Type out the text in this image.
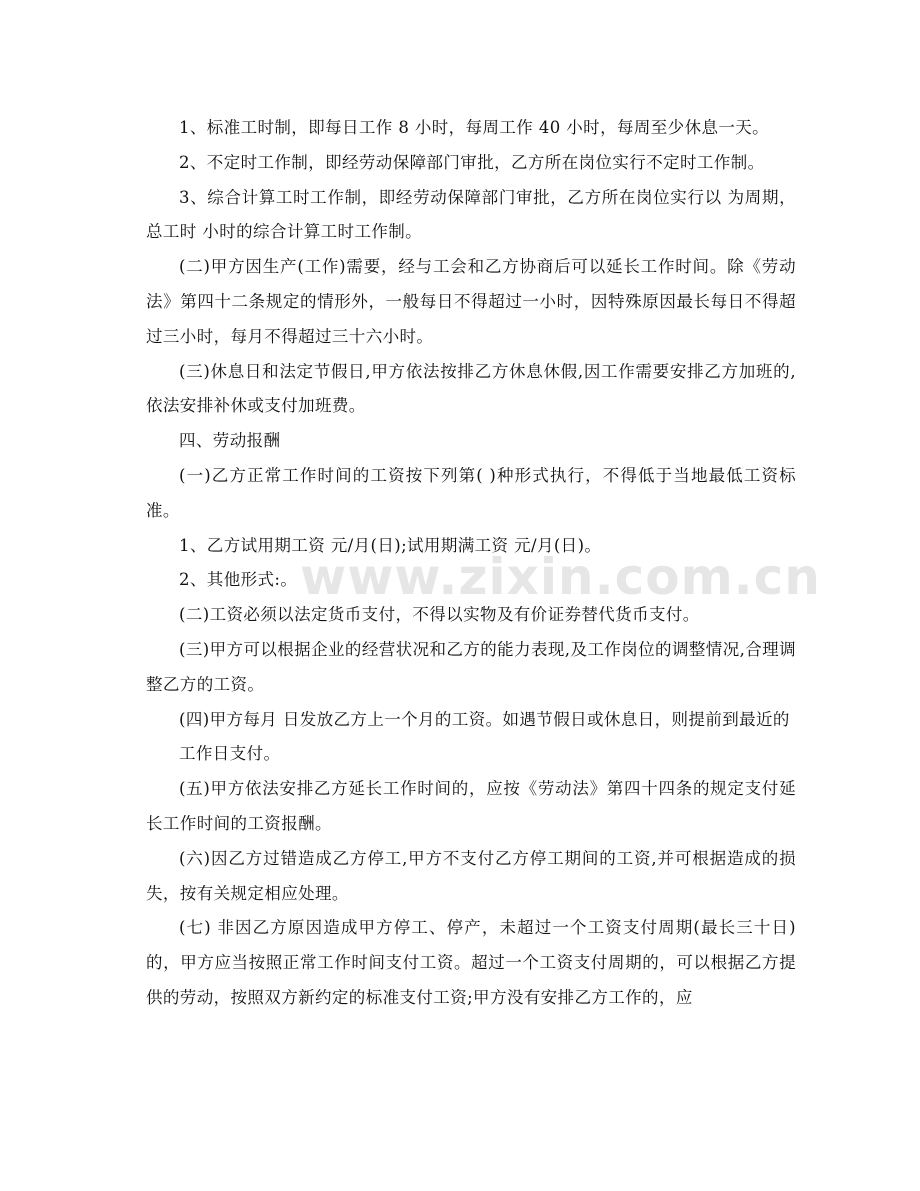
www.zixin.com.cn

1、标准工时制，即每日工作 8 小时，每周工作 40 小时，每周至少休息一天。

2、不定时工作制，即经劳动保障部门审批，乙方所在岗位实行不定时工作制。

3、综合计算工时工作制，即经劳动保障部门审批，乙方所在岗位实行以 为周期，总工时 小时的综合计算工时工作制。

(二)甲方因生产(工作)需要，经与工会和乙方协商后可以延长工作时间。除《劳动法》第四十二条规定的情形外，一般每日不得超过一小时，因特殊原因最长每日不得超过三小时，每月不得超过三十六小时。

(三)休息日和法定节假日,甲方依法按排乙方休息休假,因工作需要安排乙方加班的,依法安排补休或支付加班费。

四、劳动报酬

(一)乙方正常工作时间的工资按下列第( )种形式执行，不得低于当地最低工资标准。

1、乙方试用期工资 元/月(日);试用期满工资 元/月(日)。

2、其他形式:。

(二)工资必须以法定货币支付，不得以实物及有价证券替代货币支付。

(三)甲方可以根据企业的经营状况和乙方的能力表现,及工作岗位的调整情况,合理调整乙方的工资。

(四)甲方每月 日发放乙方上一个月的工资。如遇节假日或休息日，则提前到最近的

工作日支付。

(五)甲方依法安排乙方延长工作时间的，应按《劳动法》第四十四条的规定支付延长工作时间的工资报酬。

(六)因乙方过错造成乙方停工,甲方不支付乙方停工期间的工资,并可根据造成的损失，按有关规定相应处理。

(七) 非因乙方原因造成甲方停工、停产，未超过一个工资支付周期(最长三十日)的，甲方应当按照正常工作时间支付工资。超过一个工资支付周期的，可以根据乙方提供的劳动，按照双方新约定的标准支付工资;甲方没有安排乙方工作的，应
